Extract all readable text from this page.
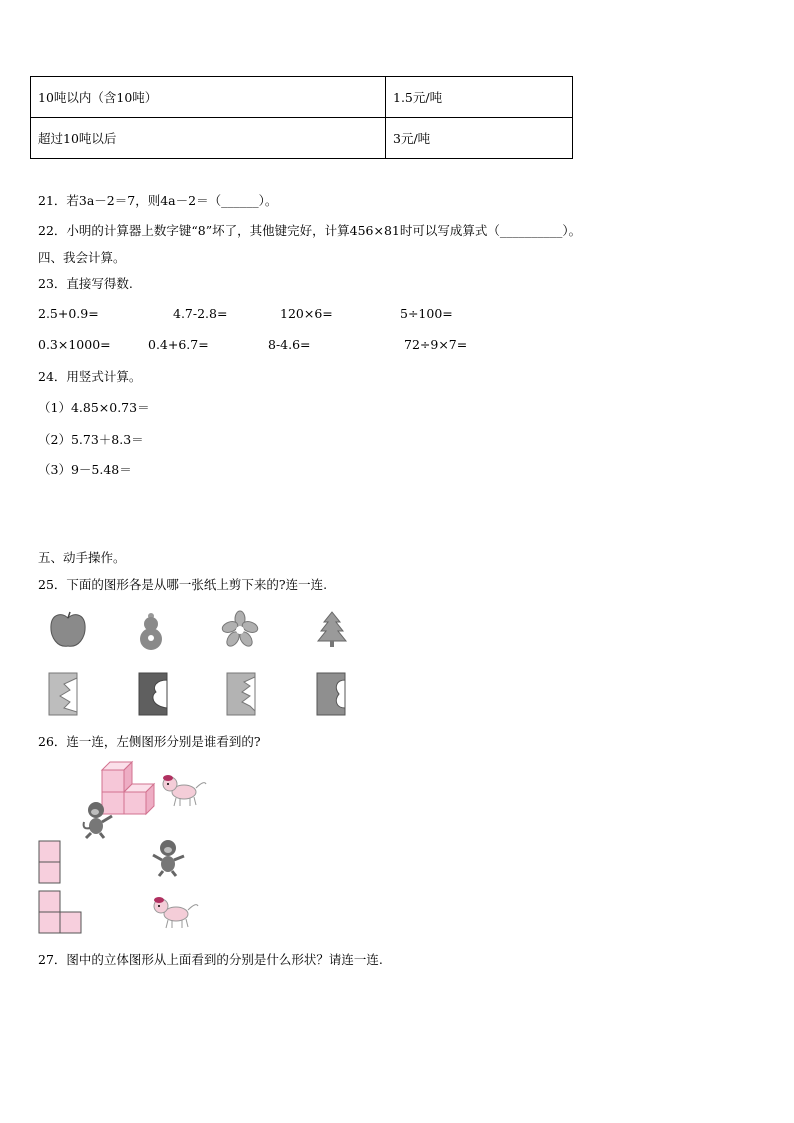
10吨以内（含10吨）	1.5元/吨
超过10吨以后	3元/吨
21．若3a－2＝7，则4a－2＝（______）。
22．小明的计算器上数字键“8”坏了，其他键完好，计算456×81时可以写成算式（__________）。
四、我会计算。
23．直接写得数.
2.5+0.9=	4.7-2.8=	120×6=	5÷100=
0.3×1000=	0.4+6.7=	8-4.6=	72÷9×7=
24．用竖式计算。
（1）4.85×0.73＝
（2）5.73＋8.3＝
（3）9－5.48＝
五、动手操作。
25．下面的图形各是从哪一张纸上剪下来的?连一连.
26．连一连，左侧图形分别是谁看到的?
27．图中的立体图形从上面看到的分别是什么形状？请连一连.
